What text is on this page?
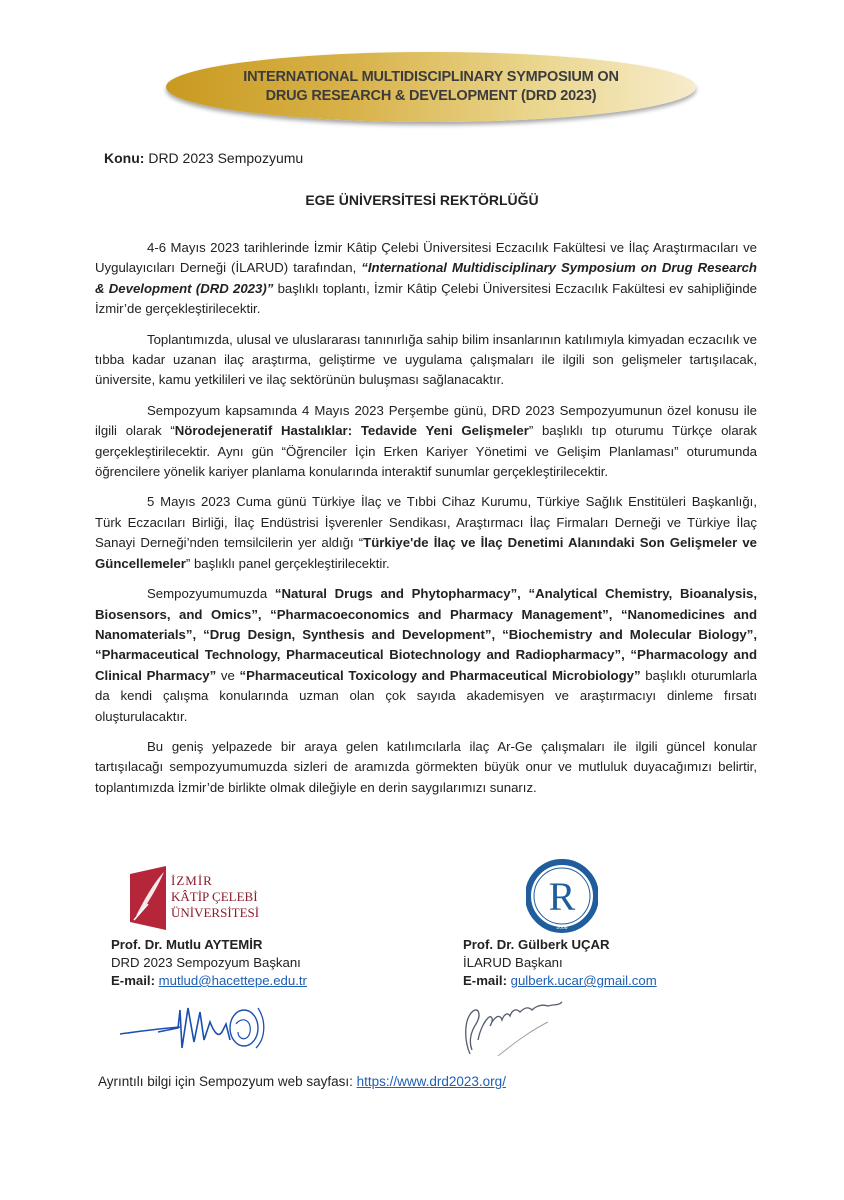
INTERNATIONAL MULTIDISCIPLINARY SYMPOSIUM ON
DRUG RESEARCH & DEVELOPMENT (DRD 2023)
Konu: DRD 2023 Sempozyumu
EGE ÜNİVERSİTESİ REKTÖRLÜĞÜ

4-6 Mayıs 2023 tarihlerinde İzmir Kâtip Çelebi Üniversitesi Eczacılık Fakültesi ve İlaç Araştırmacıları ve Uygulayıcıları Derneği (İLARUD) tarafından, “International Multidisciplinary Symposium on Drug Research & Development (DRD 2023)” başlıklı toplantı, İzmir Kâtip Çelebi Üniversitesi Eczacılık Fakültesi ev sahipliğinde İzmir’de gerçekleştirilecektir.

Toplantımızda, ulusal ve uluslararası tanınırlığa sahip bilim insanlarının katılımıyla kimyadan eczacılık ve tıbba kadar uzanan ilaç araştırma, geliştirme ve uygulama çalışmaları ile ilgili son gelişmeler tartışılacak, üniversite, kamu yetkilileri ve ilaç sektörünün buluşması sağlanacaktır.

Sempozyum kapsamında 4 Mayıs 2023 Perşembe günü, DRD 2023 Sempozyumunun özel konusu ile ilgili olarak “Nörodejeneratif Hastalıklar: Tedavide Yeni Gelişmeler” başlıklı tıp oturumu Türkçe olarak gerçekleştirilecektir. Aynı gün “Öğrenciler İçin Erken Kariyer Yönetimi ve Gelişim Planlaması” oturumunda öğrencilere yönelik kariyer planlama konularında interaktif sunumlar gerçekleştirilecektir.

5 Mayıs 2023 Cuma günü Türkiye İlaç ve Tıbbi Cihaz Kurumu, Türkiye Sağlık Enstitüleri Başkanlığı, Türk Eczacıları Birliği, İlaç Endüstrisi İşverenler Sendikası, Araştırmacı İlaç Firmaları Derneği ve Türkiye İlaç Sanayi Derneği’nden temsilcilerin yer aldığı “Türkiye'de İlaç ve İlaç Denetimi Alanındaki Son Gelişmeler ve Güncellemeler” başlıklı panel gerçekleştirilecektir.

Sempozyumumuzda “Natural Drugs and Phytopharmacy”, “Analytical Chemistry, Bioanalysis, Biosensors, and Omics”, “Pharmacoeconomics and Pharmacy Management”, “Nanomedicines and Nanomaterials”, “Drug Design, Synthesis and Development”, “Biochemistry and Molecular Biology”, “Pharmaceutical Technology, Pharmaceutical Biotechnology and Radiopharmacy”, “Pharmacology and Clinical Pharmacy” ve “Pharmaceutical Toxicology and Pharmaceutical Microbiology” başlıklı oturumlarla da kendi çalışma konularında uzman olan çok sayıda akademisyen ve araştırmacıyı dinleme fırsatı oluşturulacaktır.

Bu geniş yelpazede bir araya gelen katılımcılarla ilaç Ar-Ge çalışmaları ile ilgili güncel konular tartışılacağı sempozyumumuzda sizleri de aramızda görmekten büyük onur ve mutluluk duyacağımızı belirtir, toplantımızda İzmir’de birlikte olmak dileğiyle en derin saygılarımızı sunarız.

İZMİR
KÂTİP ÇELEBİ
ÜNİVERSİTESİ	R
2008
Prof. Dr. Mutlu AYTEMİR
DRD 2023 Sempozyum Başkanı
E-mail: mutlud@hacettepe.edu.tr
Prof. Dr. Gülberk UÇAR
İLARUD Başkanı
E-mail: gulberk.ucar@gmail.com
Ayrıntılı bilgi için Sempozyum web sayfası: https://www.drd2023.org/
